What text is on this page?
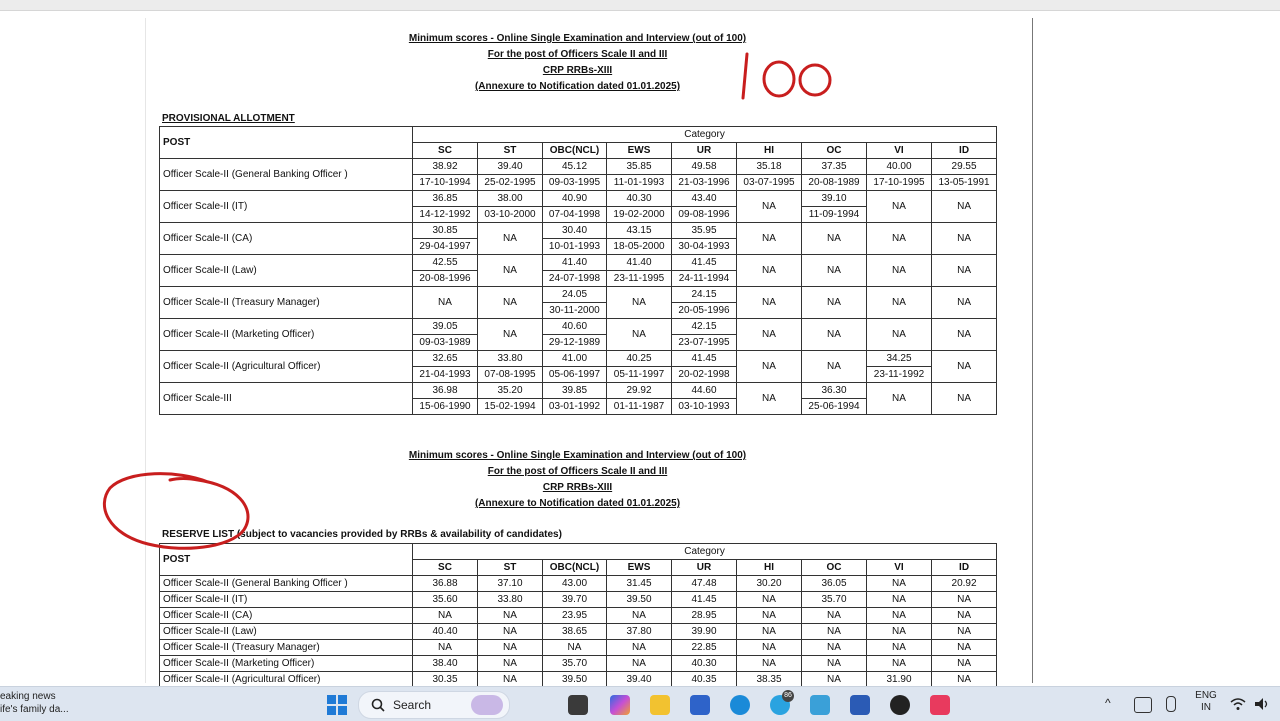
Minimum scores - Online Single Examination and Interview (out of 100)
For the post of Officers Scale II and III
CRP RRBs-XIII
(Annexure to Notification dated 01.01.2025)
PROVISIONAL ALLOTMENT
POST	Category								
	SC	ST	OBC(NCL)	EWS	UR	HI	OC	VI	ID
Officer Scale-II (General Banking Officer )	38.92	39.40	45.12	35.85	49.58	35.18	37.35	40.00	29.55
	17-10-1994	25-02-1995	09-03-1995	11-01-1993	21-03-1996	03-07-1995	20-08-1989	17-10-1995	13-05-1991
Officer Scale-II (IT)	36.85	38.00	40.90	40.30	43.40	NA	39.10	NA	NA
	14-12-1992	03-10-2000	07-04-1998	19-02-2000	09-08-1996		11-09-1994		
Officer Scale-II (CA)	30.85	NA	30.40	43.15	35.95	NA	NA	NA	NA
	29-04-1997		10-01-1993	18-05-2000	30-04-1993				
Officer Scale-II (Law)	42.55	NA	41.40	41.40	41.45	NA	NA	NA	NA
	20-08-1996		24-07-1998	23-11-1995	24-11-1994				
Officer Scale-II (Treasury Manager)	NA	NA	24.05	NA	24.15	NA	NA	NA	NA
			30-11-2000		20-05-1996				
Officer Scale-II (Marketing Officer)	39.05	NA	40.60	NA	42.15	NA	NA	NA	NA
	09-03-1989		29-12-1989		23-07-1995				
Officer Scale-II (Agricultural Officer)	32.65	33.80	41.00	40.25	41.45	NA	NA	34.25	NA
	21-04-1993	07-08-1995	05-06-1997	05-11-1997	20-02-1998			23-11-1992	
Officer Scale-III	36.98	35.20	39.85	29.92	44.60	NA	36.30	NA	NA
	15-06-1990	15-02-1994	03-01-1992	01-11-1987	03-10-1993		25-06-1994		
Minimum scores - Online Single Examination and Interview (out of 100)
For the post of Officers Scale II and III
CRP RRBs-XIII
(Annexure to Notification dated 01.01.2025)
RESERVE LIST (subject to vacancies provided by RRBs & availability of candidates)
POST	Category								
	SC	ST	OBC(NCL)	EWS	UR	HI	OC	VI	ID
Officer Scale-II (General Banking Officer )	36.88	37.10	43.00	31.45	47.48	30.20	36.05	NA	20.92
Officer Scale-II (IT)	35.60	33.80	39.70	39.50	41.45	NA	35.70	NA	NA
Officer Scale-II (CA)	NA	NA	23.95	NA	28.95	NA	NA	NA	NA
Officer Scale-II (Law)	40.40	NA	38.65	37.80	39.90	NA	NA	NA	NA
Officer Scale-II (Treasury Manager)	NA	NA	NA	NA	22.85	NA	NA	NA	NA
Officer Scale-II (Marketing Officer)	38.40	NA	35.70	NA	40.30	NA	NA	NA	NA
Officer Scale-II (Agricultural Officer)	30.35	NA	39.50	39.40	40.35	38.35	NA	31.90	NA
eaking news
ife's family da...	Search
86
^
ENG
IN
